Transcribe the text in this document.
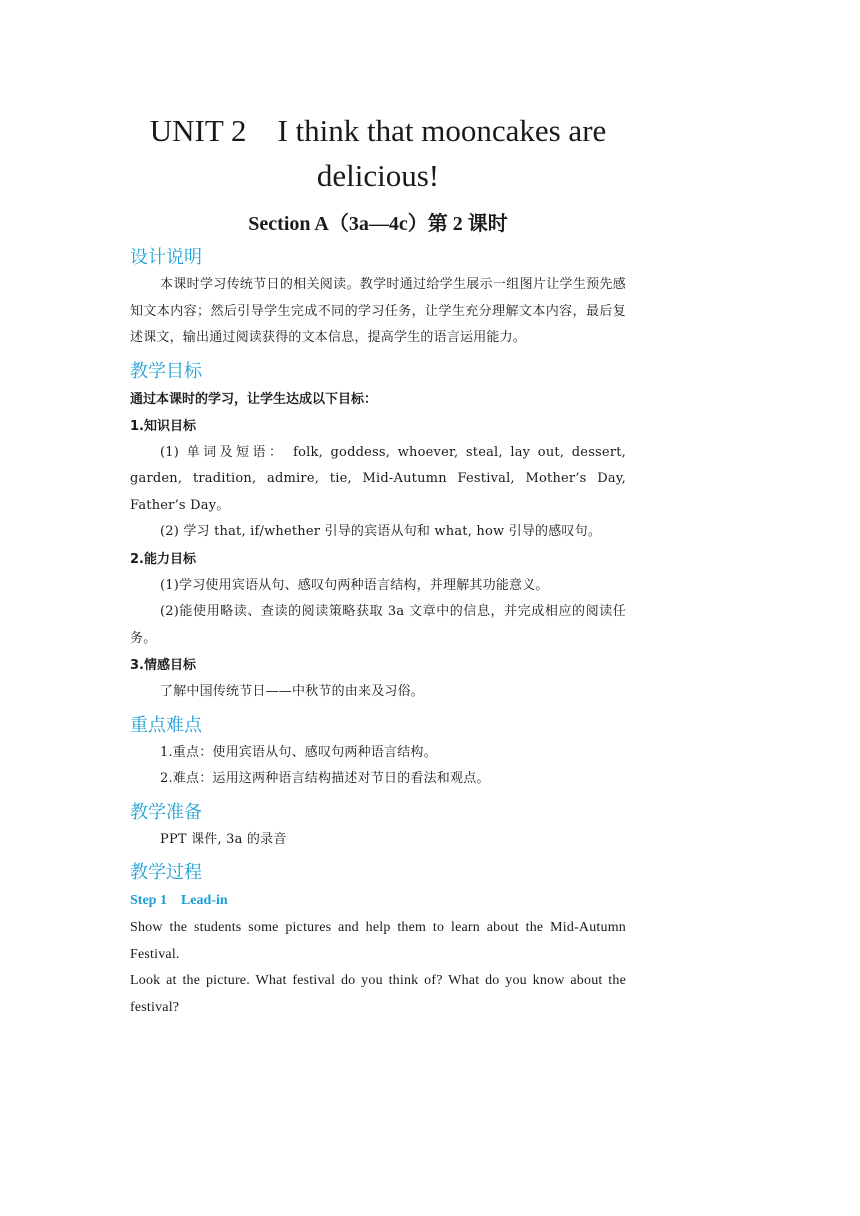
UNIT 2　I think that mooncakes are
delicious!
Section A（3a—4c）第 2 课时
设计说明
本课时学习传统节日的相关阅读。教学时通过给学生展示一组图片让学生预先感知文本内容；然后引导学生完成不同的学习任务，让学生充分理解文本内容，最后复述课文，输出通过阅读获得的文本信息，提高学生的语言运用能力。
教学目标
通过本课时的学习，让学生达成以下目标：
1.知识目标
(1) 单词及短语： folk, goddess, whoever, steal, lay out, dessert, garden, tradition, admire, tie, Mid-Autumn Festival, Mother’s Day, Father’s Day。
(2) 学习 that, if/whether 引导的宾语从句和 what, how 引导的感叹句。
2.能力目标
(1)学习使用宾语从句、感叹句两种语言结构，并理解其功能意义。
(2)能使用略读、查读的阅读策略获取 3a 文章中的信息，并完成相应的阅读任务。
3.情感目标
了解中国传统节日——中秋节的由来及习俗。
重点难点
1.重点：使用宾语从句、感叹句两种语言结构。
2.难点：运用这两种语言结构描述对节日的看法和观点。
教学准备
PPT 课件, 3a 的录音
教学过程
Step 1　Lead-in
Show the students some pictures and help them to learn about the Mid-Autumn Festival.
Look at the picture. What festival do you think of? What do you know about the festival?
